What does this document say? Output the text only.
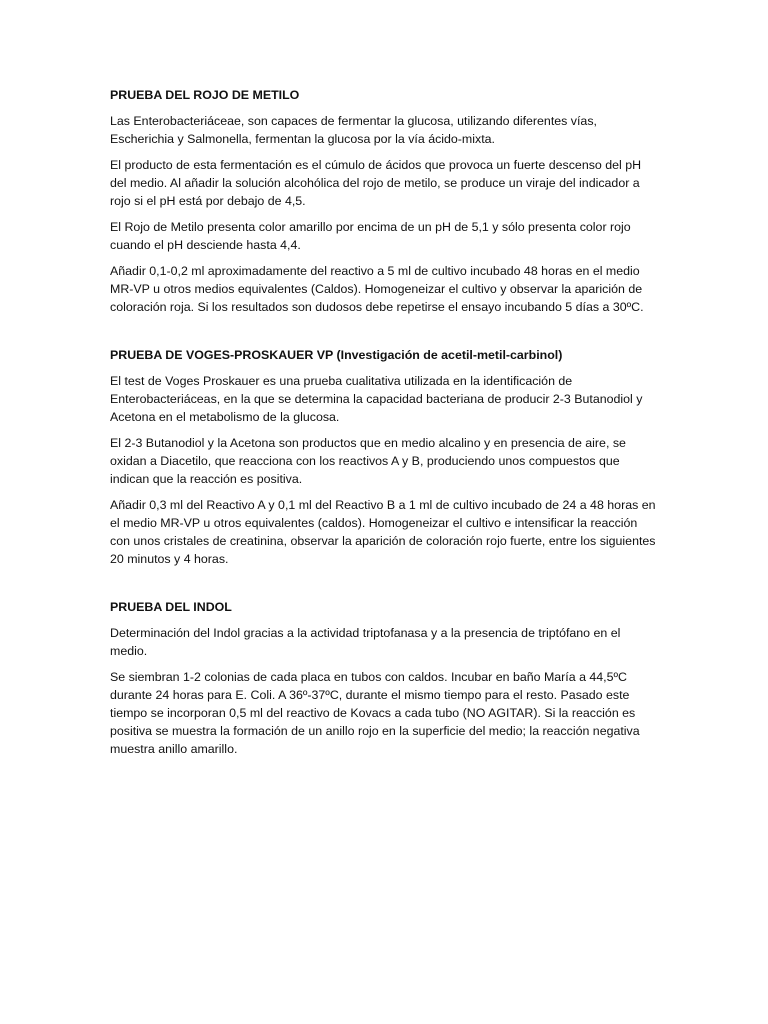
PRUEBA DEL ROJO DE METILO

Las Enterobacteriáceae, son capaces de fermentar la glucosa, utilizando diferentes vías, Escherichia y Salmonella, fermentan la glucosa por la vía ácido-mixta.

El producto de esta fermentación es el cúmulo de ácidos que provoca un fuerte descenso del pH del medio. Al añadir la solución alcohólica del rojo de metilo, se produce un viraje del indicador a rojo si el pH está por debajo de 4,5.

El Rojo de Metilo presenta color amarillo por encima de un pH de 5,1 y sólo presenta color rojo cuando el pH desciende hasta 4,4.

Añadir 0,1-0,2 ml aproximadamente del reactivo a 5 ml de cultivo incubado 48 horas en el medio MR-VP u otros medios equivalentes (Caldos). Homogeneizar el cultivo y observar la aparición de coloración roja. Si los resultados son dudosos debe repetirse el ensayo incubando 5 días a 30ºC.

PRUEBA DE VOGES-PROSKAUER VP (Investigación de acetil-metil-carbinol)

El test de Voges Proskauer es una prueba cualitativa utilizada en la identificación de Enterobacteriáceas, en la que se determina la capacidad bacteriana de producir 2-3 Butanodiol y Acetona en el metabolismo de la glucosa.

El 2-3 Butanodiol y la Acetona son productos que en medio alcalino y en presencia de aire, se oxidan a Diacetilo, que reacciona con los reactivos A y B, produciendo unos compuestos que indican que la reacción es positiva.

Añadir 0,3 ml del Reactivo A y 0,1 ml del Reactivo B a 1 ml de cultivo incubado de 24 a 48 horas en el medio MR-VP u otros equivalentes (caldos). Homogeneizar el cultivo e intensificar la reacción con unos cristales de creatinina, observar la aparición de coloración rojo fuerte, entre los siguientes 20 minutos y 4 horas.

PRUEBA DEL INDOL

Determinación del Indol gracias a la actividad triptofanasa y a la presencia de triptófano en el medio.

Se siembran 1-2 colonias de cada placa en tubos con caldos. Incubar en baño María a 44,5ºC durante 24 horas para E. Coli. A 36º-37ºC, durante el mismo tiempo para el resto. Pasado este tiempo se incorporan 0,5 ml del reactivo de Kovacs a cada tubo (NO AGITAR). Si la reacción es positiva se muestra la formación de un anillo rojo en la superficie del medio; la reacción negativa muestra anillo amarillo.
